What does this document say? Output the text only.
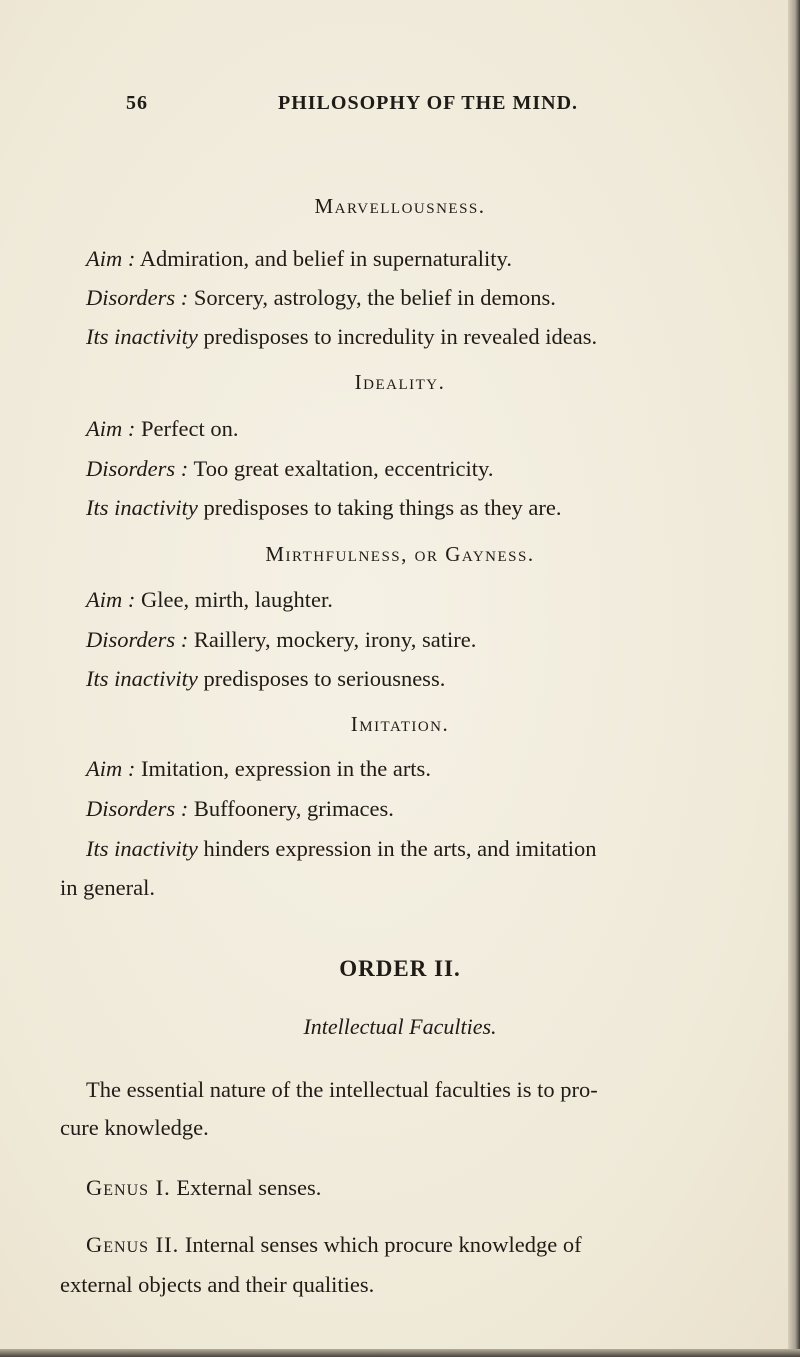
56	PHILOSOPHY OF THE MIND.
Marvellousness.
Aim : Admiration, and belief in supernaturality.
Disorders : Sorcery, astrology, the belief in demons.
Its inactivity predisposes to incredulity in revealed ideas.
Ideality.
Aim : Perfect on.
Disorders : Too great exaltation, eccentricity.
Its inactivity predisposes to taking things as they are.
Mirthfulness, or Gayness.
Aim : Glee, mirth, laughter.
Disorders : Raillery, mockery, irony, satire.
Its inactivity predisposes to seriousness.
Imitation.
Aim : Imitation, expression in the arts.
Disorders : Buffoonery, grimaces.
Its inactivity hinders expression in the arts, and imitation
in general.
ORDER II.
Intellectual Faculties.
The essential nature of the intellectual faculties is to pro-
cure knowledge.
Genus I. External senses.
Genus II. Internal senses which procure knowledge of
external objects and their qualities.
